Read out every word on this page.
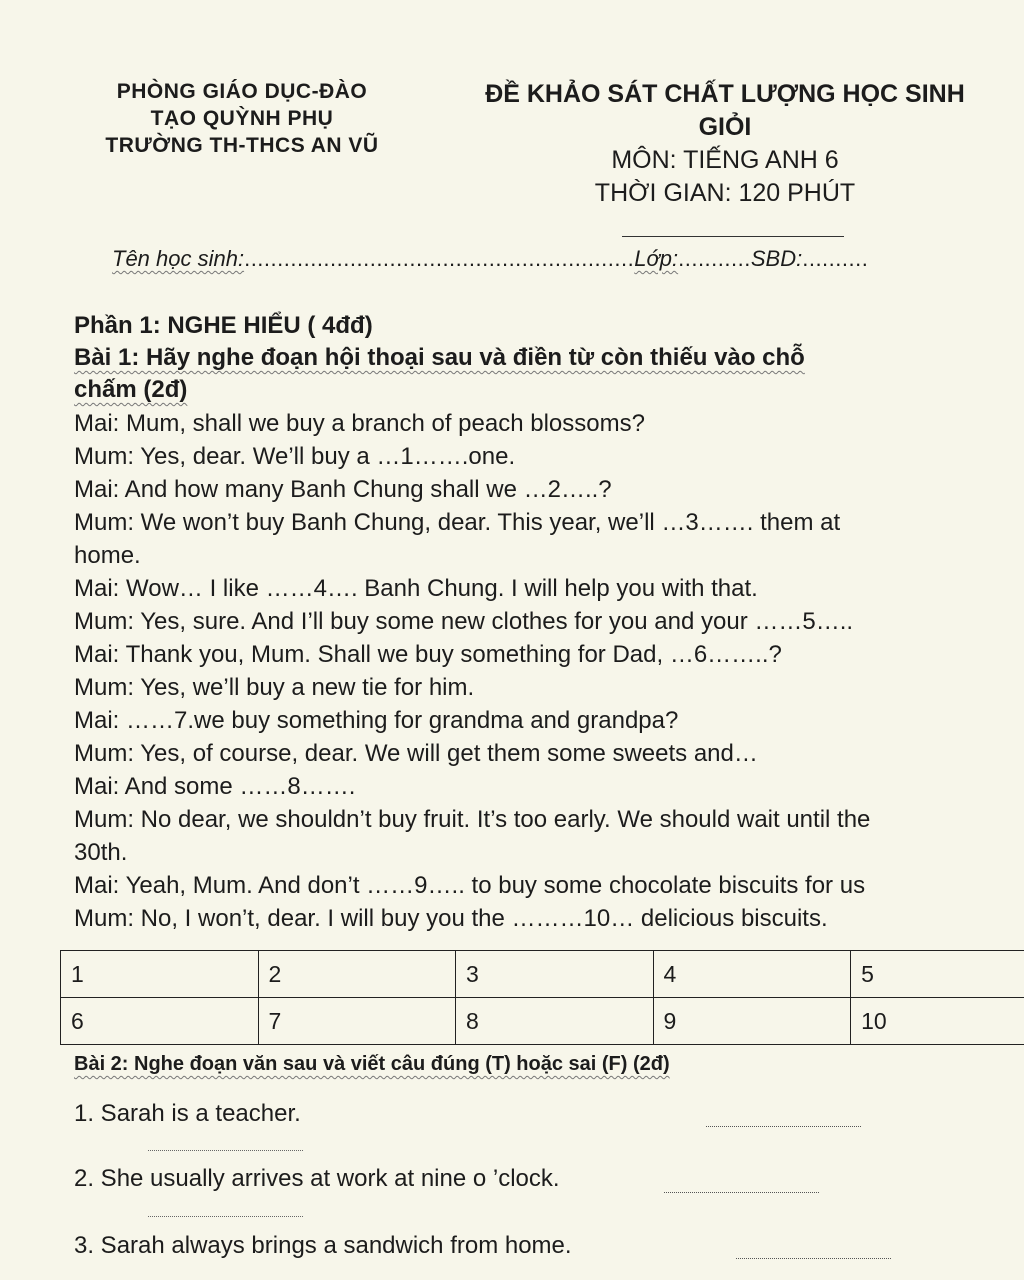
PHÒNG GIÁO DỤC-ĐÀO
TẠO QUỲNH PHỤ
TRƯỜNG TH-THCS AN VŨ
ĐỀ KHẢO SÁT CHẤT LƯỢNG HỌC SINH
GIỎI
MÔN: TIẾNG ANH 6
THỜI GIAN: 120 PHÚT
Tên học sinh:...........................................................Lớp:...........SBD:..........
Phần 1: NGHE HIỂU ( 4đđ)
Bài 1: Hãy nghe đoạn hội thoại sau và điền từ còn thiếu vào chỗ
chấm (2đ)
Mai: Mum, shall we buy a branch of peach blossoms?
Mum: Yes, dear. We’ll buy a …1…….one.
Mai: And how many Banh Chung shall we …2…..?
Mum: We won’t buy Banh Chung, dear. This year, we’ll …3……. them at
home.
Mai: Wow… I like ……4…. Banh Chung. I will help you with that.
Mum: Yes, sure. And I’ll buy some new clothes for you and your ……5…..
Mai: Thank you, Mum. Shall we buy something for Dad, …6……..?
Mum: Yes, we’ll buy a new tie for him.
Mai: ……7.we buy something for grandma and grandpa?
Mum: Yes, of course, dear. We will get them some sweets and…
Mai: And some ……8…….
Mum: No dear, we shouldn’t buy fruit. It’s too early. We should wait until the
30th.
Mai: Yeah, Mum. And don’t ……9….. to buy some chocolate biscuits for us
Mum: No, I won’t, dear. I will buy you the ………10… delicious biscuits.
1	2	3	4	5
6	7	8	9	10
Bài 2: Nghe đoạn văn sau và viết câu đúng (T) hoặc sai (F) (2đ)
1. Sarah is a teacher.
2. She usually arrives at work at nine o ’clock.
3. Sarah always brings a sandwich from home.
